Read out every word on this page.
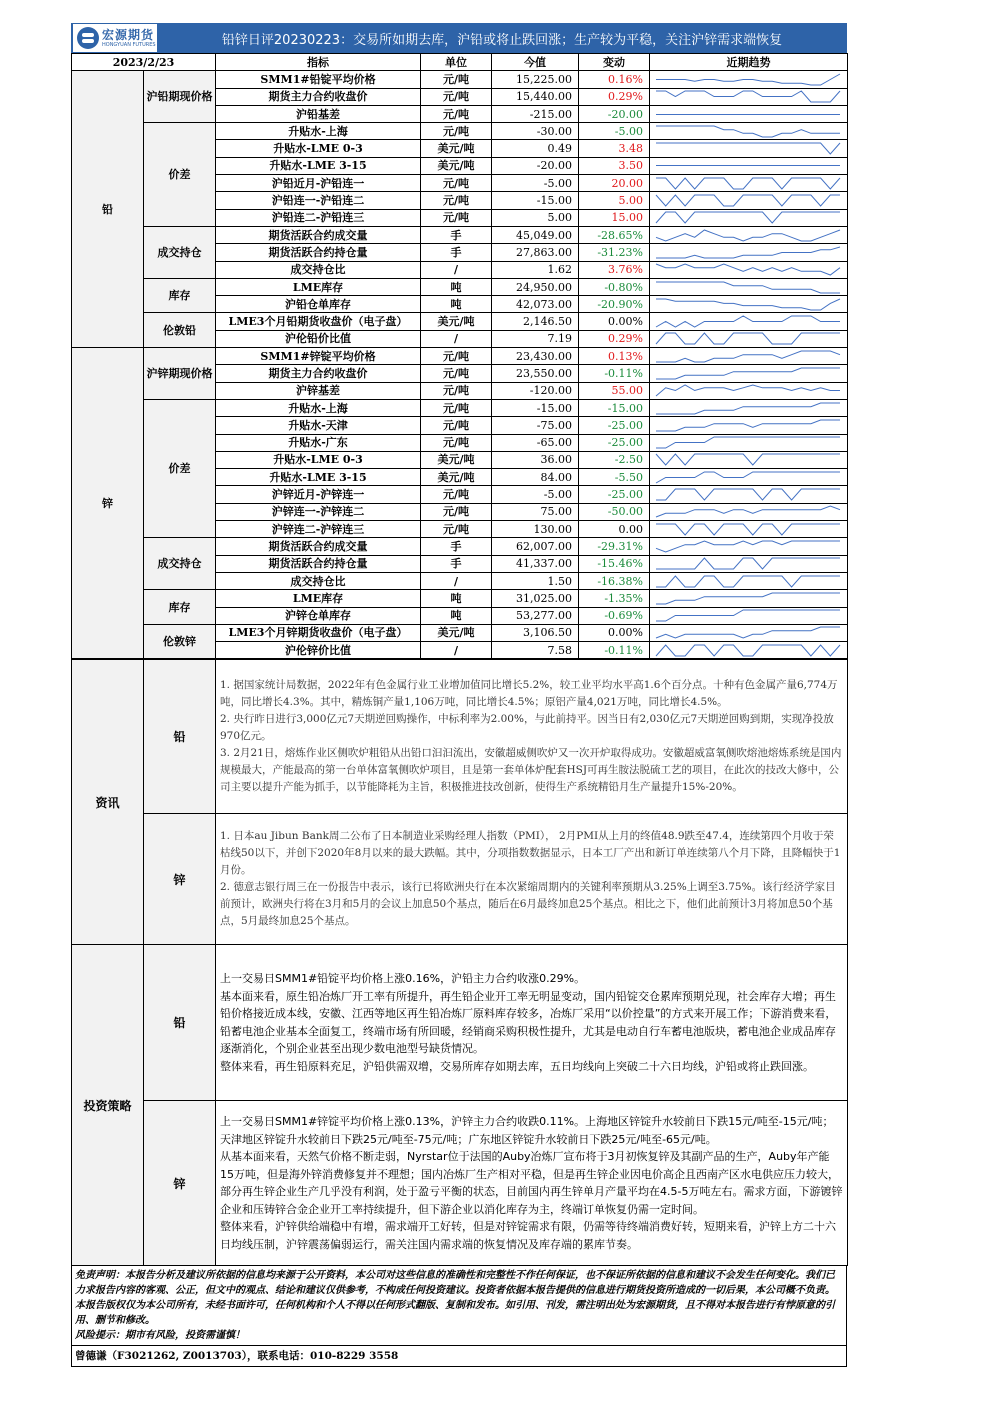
宏源期货
HONGYUAN FUTURES	铅锌日评20230223：交易所如期去库，沪铅或将止跌回涨；生产较为平稳，关注沪锌需求端恢复
2023/2/23		指标	单位	今值	变动	近期趋势
铅	沪铅期现价格	SMM1#铅锭平均价格	元/吨	15,225.00	0.16%	

		期货主力合约收盘价	元/吨	15,440.00	0.29%	

		沪铅基差	元/吨	-215.00	-20.00	

	价差	升贴水-上海	元/吨	-30.00	-5.00	

		升贴水-LME 0-3	美元/吨	0.49	3.48	

		升贴水-LME 3-15	美元/吨	-20.00	3.50	

		沪铅近月-沪铅连一	元/吨	-5.00	20.00	

		沪铅连一-沪铅连二	元/吨	-15.00	5.00	

		沪铅连二-沪铅连三	元/吨	5.00	15.00	

	成交持仓	期货活跃合约成交量	手	45,049.00	-28.65%	

		期货活跃合约持仓量	手	27,863.00	-31.23%	

		成交持仓比	/	1.62	3.76%	

	库存	LME库存	吨	24,950.00	-0.80%	

		沪铅仓单库存	吨	42,073.00	-20.90%	

	伦敦铅	LME3个月铅期货收盘价（电子盘）	美元/吨	2,146.50	0.00%	

		沪伦铅价比值	/	7.19	0.29%	

锌	沪锌期现价格	SMM1#锌锭平均价格	元/吨	23,430.00	0.13%	

		期货主力合约收盘价	元/吨	23,550.00	-0.11%	

		沪锌基差	元/吨	-120.00	55.00	

	价差	升贴水-上海	元/吨	-15.00	-15.00	

		升贴水-天津	元/吨	-75.00	-25.00	

		升贴水-广东	元/吨	-65.00	-25.00	

		升贴水-LME 0-3	美元/吨	36.00	-2.50	

		升贴水-LME 3-15	美元/吨	84.00	-5.50	

		沪锌近月-沪锌连一	元/吨	-5.00	-25.00	

		沪锌连一-沪锌连二	元/吨	75.00	-50.00	

		沪锌连二-沪锌连三	元/吨	130.00	0.00	

	成交持仓	期货活跃合约成交量	手	62,007.00	-29.31%	

		期货活跃合约持仓量	手	41,337.00	-15.46%	

		成交持仓比	/	1.50	-16.38%	

	库存	LME库存	吨	31,025.00	-1.35%	

		沪锌仓单库存	吨	53,277.00	-0.69%	

	伦敦锌	LME3个月锌期货收盘价（电子盘）	美元/吨	3,106.50	0.00%	

		沪伦锌价比值	/	7.58	-0.11%	
资讯	铅	1. 据国家统计局数据，2022年有色金属行业工业增加值同比增长5.2%，较工业平均水平高1.6个百分点。十种有色金属产量6,774万吨，同比增长4.3%。其中，精炼铜产量1,106万吨，同比增长4.5%；原铝产量4,021万吨，同比增长4.5%。

2. 央行昨日进行3,000亿元7天期逆回购操作，中标利率为2.00%，与此前持平。因当日有2,030亿元7天期逆回购到期，实现净投放970亿元。

3. 2月21日，熔炼作业区侧吹炉粗铅从出铅口汩汩流出，安徽超威侧吹炉又一次开炉取得成功。安徽超威富氧侧吹熔池熔炼系统是国内规模最大，产能最高的第一台单体富氧侧吹炉项目，且是第一套单体炉配套HSJ可再生胺法脱硫工艺的项目，在此次的技改大修中，公司主要以提升产能为抓手，以节能降耗为主旨，积极推进技改创新，使得生产系统精铅月生产量提升15%-20%。

	锌	1. 日本au Jibun Bank周二公布了日本制造业采购经理人指数（PMI）， 2月PMI从上月的终值48.9跌至47.4，连续第四个月收于荣枯线50以下，并创下2020年8月以来的最大跌幅。其中，分项指数数据显示，日本工厂产出和新订单连续第八个月下降，且降幅快于1月份。

2. 德意志银行周三在一份报告中表示，该行已将欧洲央行在本次紧缩周期内的关键利率预期从3.25%上调至3.75%。该行经济学家目前预计，欧洲央行将在3月和5月的会议上加息50个基点，随后在6月最终加息25个基点。相比之下，他们此前预计3月将加息50个基点，5月最终加息25个基点。

投资策略	铅	上一交易日SMM1#铅锭平均价格上涨0.16%，沪铅主力合约收涨0.29%。

基本面来看，原生铅冶炼厂开工率有所提升，再生铅企业开工率无明显变动，国内铅锭交仓累库预期兑现，社会库存大增；再生铅价格接近成本线，安徽、江西等地区再生铅冶炼厂原料库存较多，冶炼厂采用“以价控量”的方式来开展工作；下游消费来看，铅蓄电池企业基本全面复工，终端市场有所回暖，经销商采购积极性提升，尤其是电动自行车蓄电池版块，蓄电池企业成品库存逐渐消化，个别企业甚至出现少数电池型号缺货情况。

整体来看，再生铅原料充足，沪铅供需双增，交易所库存如期去库，五日均线向上突破二十六日均线，沪铅或将止跌回涨。

	锌	上一交易日SMM1#锌锭平均价格上涨0.13%，沪锌主力合约收跌0.11%。上海地区锌锭升水较前日下跌15元/吨至-15元/吨；天津地区锌锭升水较前日下跌25元/吨至-75元/吨；广东地区锌锭升水较前日下跌25元/吨至-65元/吨。

从基本面来看，天然气价格不断走弱，Nyrstar位于法国的Auby冶炼厂宣布将于3月初恢复锌及其副产品的生产，Auby年产能15万吨，但是海外锌消费修复并不理想；国内冶炼厂生产相对平稳，但是再生锌企业因电价高企且西南产区水电供应压力较大，部分再生锌企业生产几乎没有利润，处于盈亏平衡的状态，目前国内再生锌单月产量平均在4.5-5万吨左右。需求方面，下游镀锌企业和压铸锌合金企业开工率持续提升，但下游企业以消化库存为主，终端订单恢复仍需一定时间。

整体来看，沪锌供给端稳中有增，需求端开工好转，但是对锌锭需求有限，仍需等待终端消费好转，短期来看，沪锌上方二十六日均线压制，沪锌震荡偏弱运行，需关注国内需求端的恢复情况及库存端的累库节奏。

免责声明：本报告分析及建议所依据的信息均来源于公开资料，本公司对这些信息的准确性和完整性不作任何保证，也不保证所依据的信息和建议不会发生任何变化。我们已力求报告内容的客观、公正，但文中的观点、结论和建议仅供参考，不构成任何投资建议。投资者依据本报告提供的信息进行期货投资所造成的一切后果，本公司概不负责。本报告版权仅为本公司所有，未经书面许可，任何机构和个人不得以任何形式翻版、复制和发布。如引用、刊发，需注明出处为宏源期货，且不得对本报告进行有悖原意的引用、删节和修改。

风险提示：期市有风险，投资需谨慎！

曾德谦（F3021262, Z0013703），联系电话：010-8229 3558
